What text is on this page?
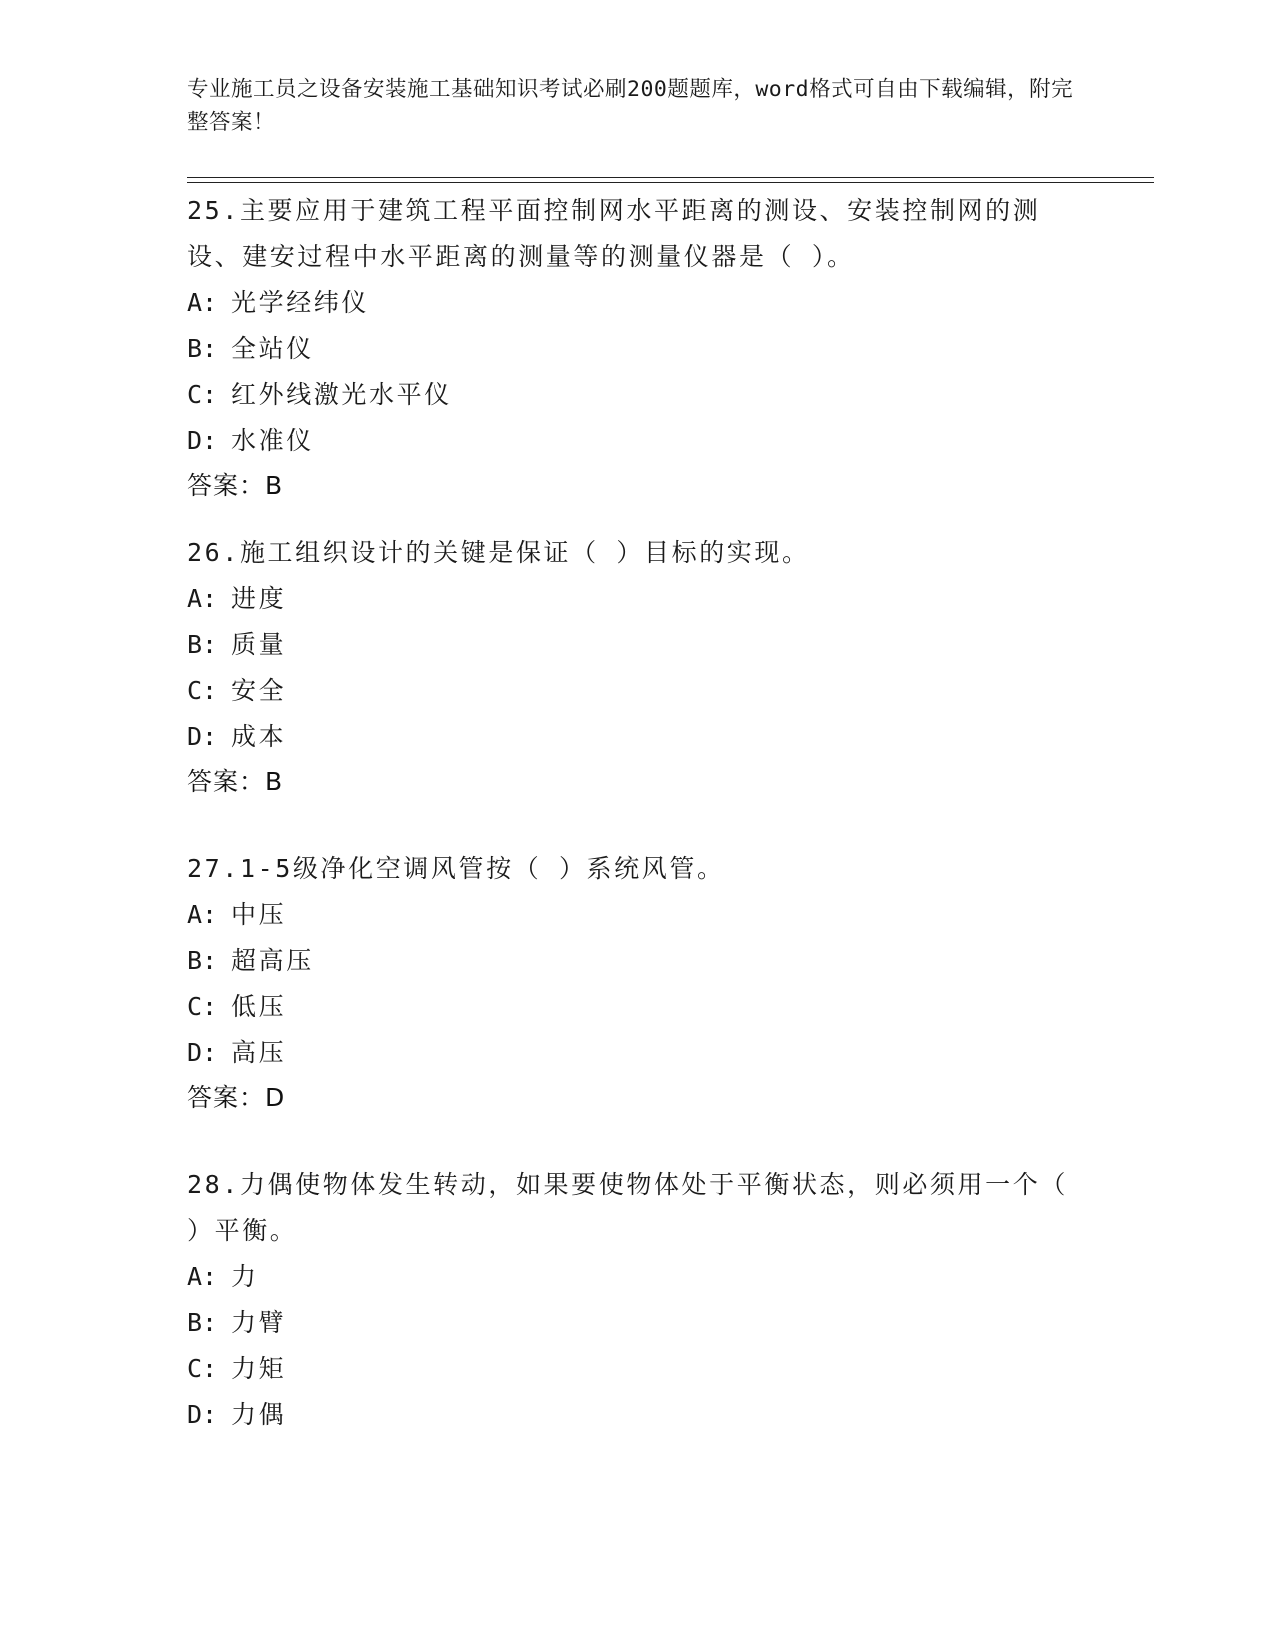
专业施工员之设备安装施工基础知识考试必刷200题题库，word格式可自由下载编辑，附完整答案！

25.主要应用于建筑工程平面控制网水平距离的测设、安装控制网的测设、建安过程中水平距离的测量等的测量仪器是（ ）。

A: 光学经纬仪
B: 全站仪
C: 红外线激光水平仪
D: 水准仪
答案：B

26.施工组织设计的关键是保证（ ）目标的实现。

A: 进度
B: 质量
C: 安全
D: 成本
答案：B

27.1-5级净化空调风管按（ ）系统风管。

A: 中压
B: 超高压
C: 低压
D: 高压
答案：D

28.力偶使物体发生转动，如果要使物体处于平衡状态，则必须用一个（ ）平衡。

A: 力
B: 力臂
C: 力矩
D: 力偶
